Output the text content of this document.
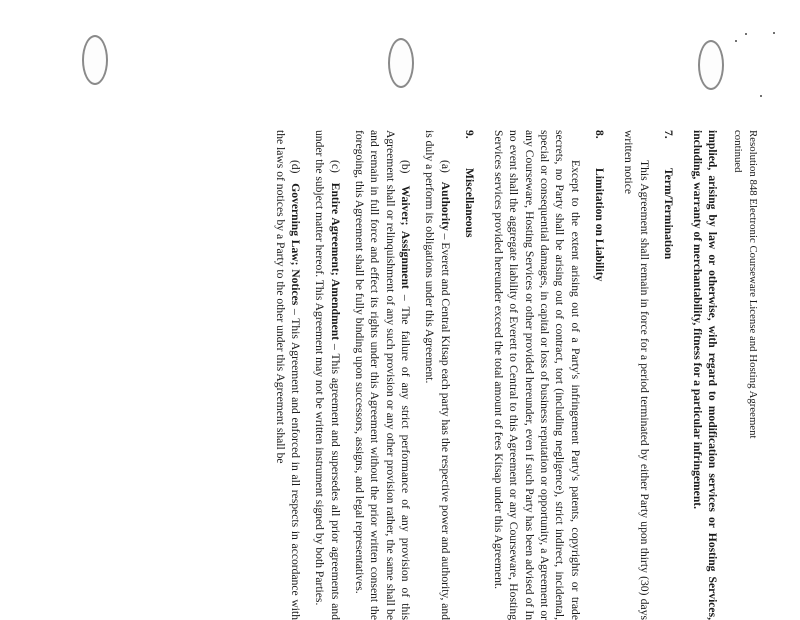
Resolution 848 Electronic Courseware License and Hosting Agreement

continued

implied, arising by law or otherwise, with regard to modification services or Hosting Services, including, warranty of merchantability, fitness for a particular infringement.

7.
Term/Termination

This Agreement shall remain in force for a period terminated by either Party upon thirty (30) days written notice

8.
Limitation on Liability

Except to the extent arising out of a Party's infringement Party's patents, copyrights or trade secrets, no Party shall be arising out of contract, tort (including negligence), strict indirect, incidental, special or consequential damages, in capital or loss of business reputation or opportunity, a Agreement or any Courseware, Hosting Services or other provided hereunder, even if such Party has been advised of In no event shall the aggregate liability of Everett to Central to this Agreement or any Courseware, Hosting Services services provided hereunder exceed the total amount of fees Kitsap under this Agreement.

9.
Miscellaneous

(a) Authority – Everett and Central Kitsap each party has the respective power and authority, and is duly a perform its obligations under this Agreement.

(b) Waiver; Assignment – The failure of any strict performance of any provision of this Agreement shall or relinquishment of any such provision or any other provision rather, the same shall be and remain in full force and effect its rights under this Agreement without the prior written consent the foregoing, this Agreement shall be fully binding upon successors, assigns, and legal representatives.

(c) Entire Agreement; Amendment – This agreement and supersedes all prior agreements and under the subject matter hereof. This Agreement may not be written instrument signed by both Parties.

(d) Governing Law; Notices – This Agreement and enforced in all respects in accordance with the laws of notices by a Party to the other under this Agreement shall be
